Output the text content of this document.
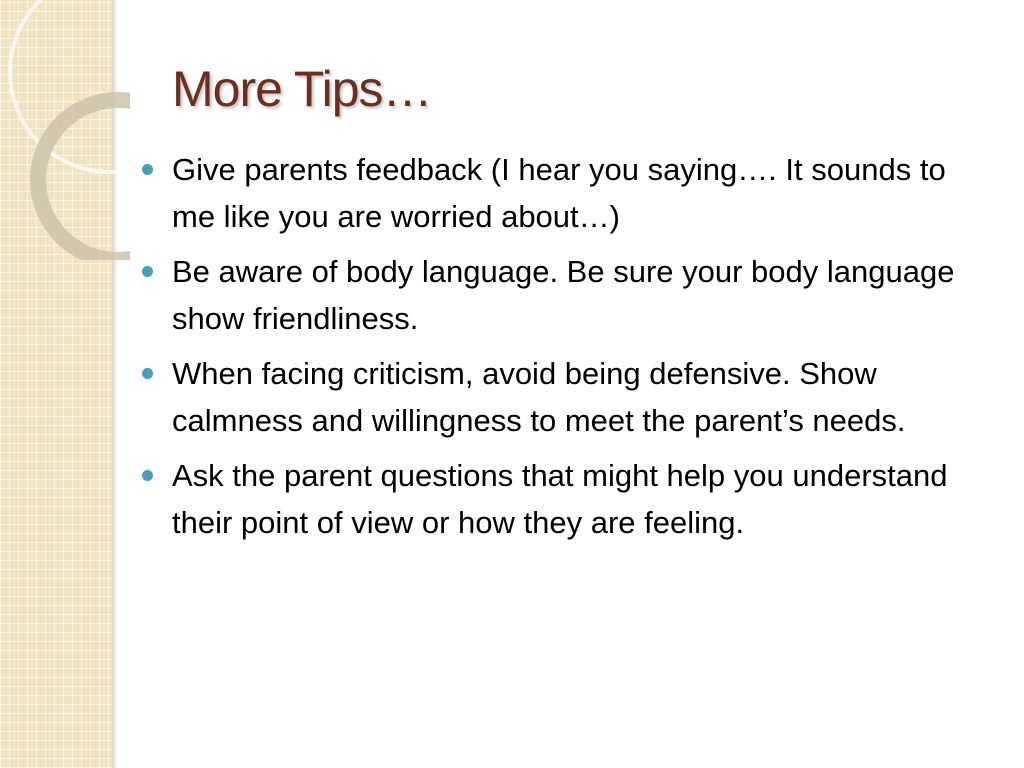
More Tips…
Give parents feedback (I hear you saying…. It sounds to me like you are worried about…)
Be aware of body language. Be sure your body language show friendliness.
When facing criticism, avoid being defensive. Show calmness and willingness to meet the parent’s needs.
Ask the parent questions that might help you understand their point of view or how they are feeling.
